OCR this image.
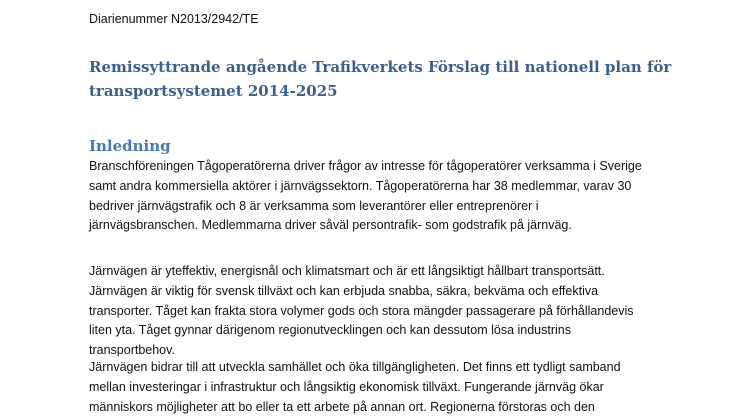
Diarienummer N2013/2942/TE
Remissyttrande angående Trafikverkets Förslag till nationell plan för
transportsystemet 2014-2025
Inledning

Branschföreningen Tågoperatörerna driver frågor av intresse för tågoperatörer verksamma i Sverige
samt andra kommersiella aktörer i järnvägssektorn. Tågoperatörerna har 38 medlemmar, varav 30
bedriver järnvägstrafik och 8 är verksamma som leverantörer eller entreprenörer i
järnvägsbranschen. Medlemmarna driver såväl persontrafik- som godstrafik på järnväg.

Järnvägen är yteffektiv, energisnål och klimatsmart och är ett långsiktigt hållbart transportsätt.
Järnvägen är viktig för svensk tillväxt och kan erbjuda snabba, säkra, bekväma och effektiva
transporter. Tåget kan frakta stora volymer gods och stora mängder passagerare på förhållandevis
liten yta. Tåget gynnar därigenom regionutvecklingen och kan dessutom lösa industrins
transportbehov.

Järnvägen bidrar till att utveckla samhället och öka tillgängligheten. Det finns ett tydligt samband
mellan investeringar i infrastruktur och långsiktig ekonomisk tillväxt. Fungerande järnväg ökar
människors möjligheter att bo eller ta ett arbete på annan ort. Regionerna förstoras och den
